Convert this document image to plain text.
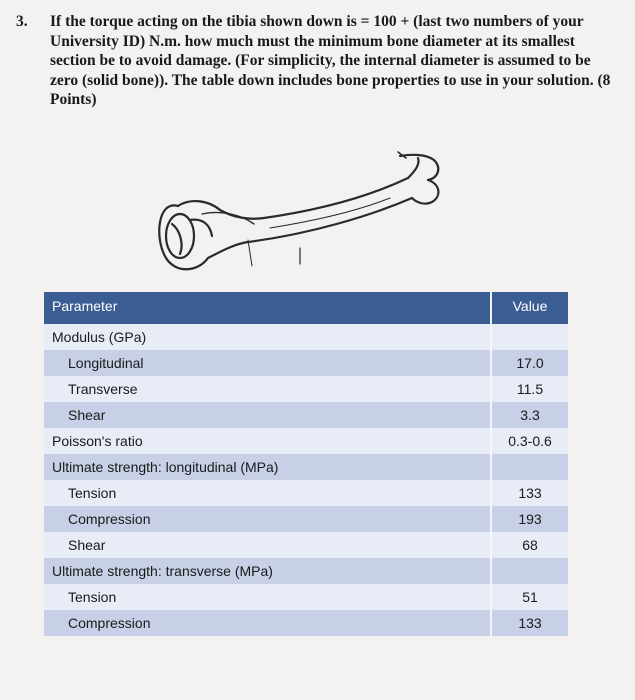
3.	If the torque acting on the tibia shown down is = 100 + (last two numbers of your University ID) N.m. how much must the minimum bone diameter at its smallest section be to avoid damage. (For simplicity, the internal diameter is assumed to be zero (solid bone)). The table down includes bone properties to use in your solution. (8 Points)
Parameter	Value
Modulus (GPa)
Longitudinal	17.0
Transverse	11.5
Shear	3.3
Poisson's ratio	0.3-0.6
Ultimate strength: longitudinal (MPa)
Tension	133
Compression	193
Shear	68
Ultimate strength: transverse (MPa)
Tension	51
Compression	133
